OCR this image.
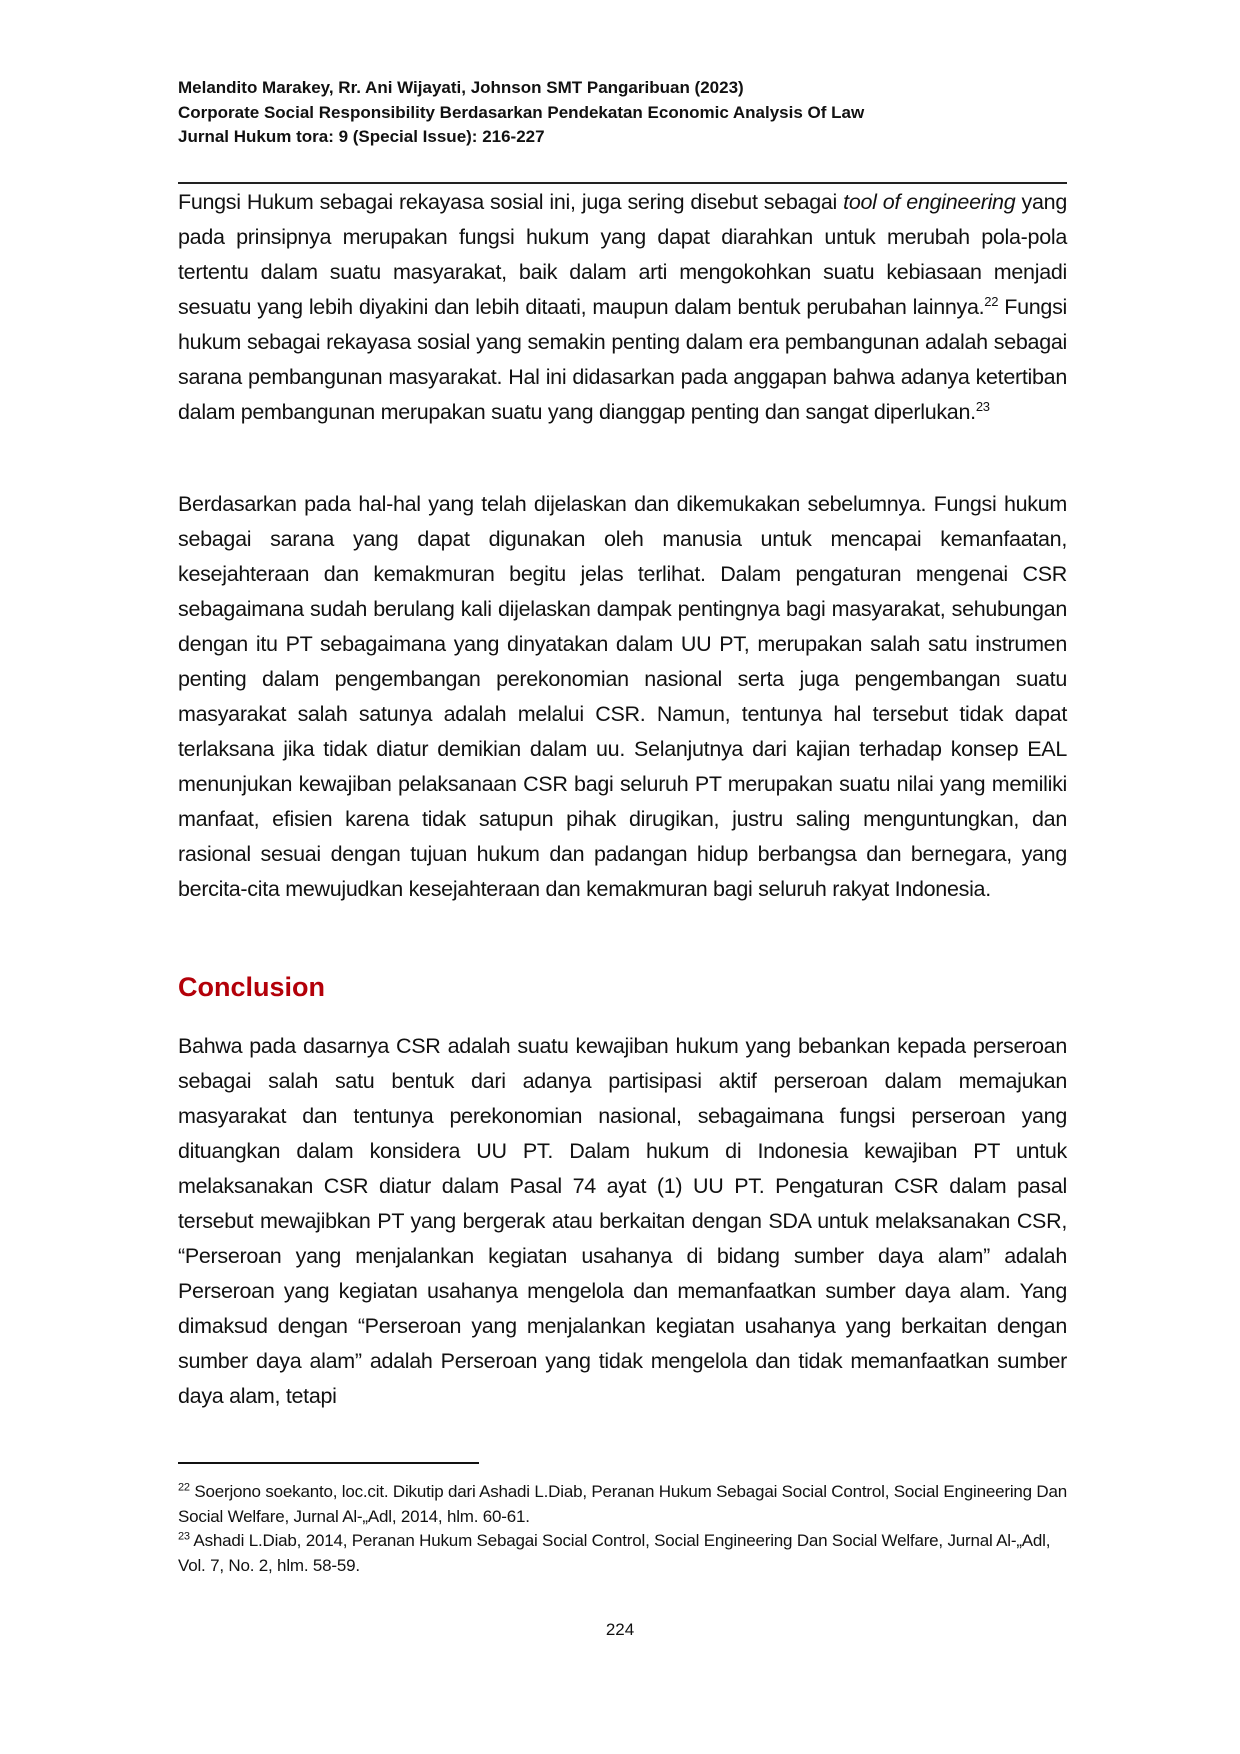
Melandito Marakey, Rr. Ani Wijayati, Johnson SMT Pangaribuan (2023)
Corporate Social Responsibility Berdasarkan Pendekatan Economic Analysis Of Law
Jurnal Hukum tora: 9 (Special Issue): 216-227

Fungsi Hukum sebagai rekayasa sosial ini, juga sering disebut sebagai tool of engineering yang pada prinsipnya merupakan fungsi hukum yang dapat diarahkan untuk merubah pola-pola tertentu dalam suatu masyarakat, baik dalam arti mengokohkan suatu kebiasaan menjadi sesuatu yang lebih diyakini dan lebih ditaati, maupun dalam bentuk perubahan lainnya.$^{22}$ Fungsi hukum sebagai rekayasa sosial yang semakin penting dalam era pembangunan adalah sebagai sarana pembangunan masyarakat. Hal ini didasarkan pada anggapan bahwa adanya ketertiban dalam pembangunan merupakan suatu yang dianggap penting dan sangat diperlukan.$^{23}$

Berdasarkan pada hal-hal yang telah dijelaskan dan dikemukakan sebelumnya. Fungsi hukum sebagai sarana yang dapat digunakan oleh manusia untuk mencapai kemanfaatan, kesejahteraan dan kemakmuran begitu jelas terlihat. Dalam pengaturan mengenai CSR sebagaimana sudah berulang kali dijelaskan dampak pentingnya bagi masyarakat, sehubungan dengan itu PT sebagaimana yang dinyatakan dalam UU PT, merupakan salah satu instrumen penting dalam pengembangan perekonomian nasional serta juga pengembangan suatu masyarakat salah satunya adalah melalui CSR. Namun, tentunya hal tersebut tidak dapat terlaksana jika tidak diatur demikian dalam uu. Selanjutnya dari kajian terhadap konsep EAL menunjukan kewajiban pelaksanaan CSR bagi seluruh PT merupakan suatu nilai yang memiliki manfaat, efisien karena tidak satupun pihak dirugikan, justru saling menguntungkan, dan rasional sesuai dengan tujuan hukum dan padangan hidup berbangsa dan bernegara, yang bercita-cita mewujudkan kesejahteraan dan kemakmuran bagi seluruh rakyat Indonesia.

Conclusion

Bahwa pada dasarnya CSR adalah suatu kewajiban hukum yang bebankan kepada perseroan sebagai salah satu bentuk dari adanya partisipasi aktif perseroan dalam memajukan masyarakat dan tentunya perekonomian nasional, sebagaimana fungsi perseroan yang dituangkan dalam konsidera UU PT. Dalam hukum di Indonesia kewajiban PT untuk melaksanakan CSR diatur dalam Pasal 74 ayat (1) UU PT. Pengaturan CSR dalam pasal tersebut mewajibkan PT yang bergerak atau berkaitan dengan SDA untuk melaksanakan CSR, “Perseroan yang menjalankan kegiatan usahanya di bidang sumber daya alam” adalah Perseroan yang kegiatan usahanya mengelola dan memanfaatkan sumber daya alam. Yang dimaksud dengan “Perseroan yang menjalankan kegiatan usahanya yang berkaitan dengan sumber daya alam” adalah Perseroan yang tidak mengelola dan tidak memanfaatkan sumber daya alam, tetapi

$^{22}$ Soerjono soekanto, loc.cit. Dikutip dari Ashadi L.Diab, Peranan Hukum Sebagai Social Control, Social Engineering Dan Social Welfare, Jurnal Al-„Adl, 2014, hlm. 60-61.

$^{23}$ Ashadi L.Diab, 2014, Peranan Hukum Sebagai Social Control, Social Engineering Dan Social Welfare, Jurnal Al-„Adl, Vol. 7, No. 2, hlm. 58-59.

224
